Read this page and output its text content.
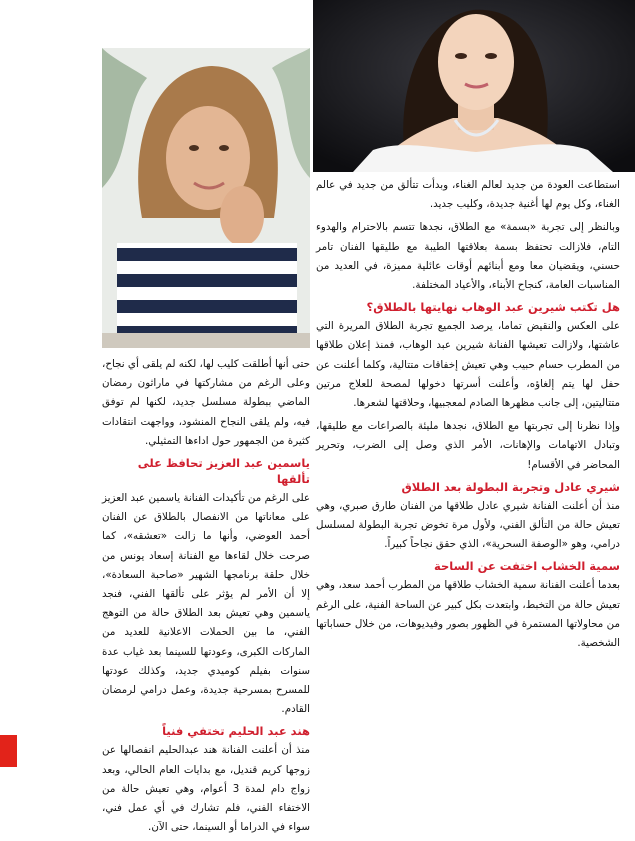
استطاعت العودة من جديد لعالم الغناء، وبدأت تتألق من جديد في عالم الغناء، وكل يوم لها أغنية جديدة، وكليب جديد.

وبالنظر إلى تجربة «بسمة» مع الطلاق، نجدها تتسم بالاحترام والهدوء التام، فلازالت تحتفظ بسمة بعلاقتها الطيبة مع طليقها الفنان تامر حسني، ويقضيان معا ومع أبنائهم أوقات عائلية مميزة، في العديد من المناسبات العامة، كنجاح الأبناء، والأعياد المختلفة.

هل تكتب شيرين عبد الوهاب نهايتها بالطلاق؟

على العكس والنقيض تماما، يرصد الجميع تجربة الطلاق المريرة التي عاشتها، ولازالت تعيشها الفنانة شيرين عبد الوهاب، فمنذ إعلان طلاقها من المطرب حسام حبيب وهي تعيش إخفاقات متتالية، وكلما أعلنت عن حفل لها يتم إلغاؤه، وأعلنت أسرتها دخولها لمصحة للعلاج مرتين متتاليتين، إلى جانب مظهرها الصادم لمعجبيها، وحلاقتها لشعرها.

وإذا نظرنا إلى تجربتها مع الطلاق، نجدها مليئة بالصراعات مع طليقها، وتبادل الاتهامات والإهانات، الأمر الذي وصل إلى الضرب، وتحرير المحاضر في الأقسام!

شيري عادل وتجربة البطولة بعد الطلاق

منذ أن أعلنت الفنانة شيري عادل طلاقها من الفنان طارق صبري، وهي تعيش حالة من التألق الفني، ولأول مرة تخوض تجربة البطولة لمسلسل درامي، وهو «الوصفة السحرية»، الذي حقق نجاحاً كبيراً.

سمية الخشاب اختفت عن الساحة

بعدما أعلنت الفنانة سمية الخشاب طلاقها من المطرب أحمد سعد، وهي تعيش حالة من التخبط، وابتعدت بكل كبير عن الساحة الفنية، على الرغم من محاولاتها المستمرة في الظهور بصور وفيديوهات، من خلال حساباتها الشخصية.

حتى أنها أطلقت كليب لها، لكنه لم يلقى أي نجاح، وعلى الرغم من مشاركتها في ماراثون رمضان الماضي ببطولة مسلسل جديد، لكنها لم توفق فيه، ولم يلقى النجاح المنشود، وواجهت انتقادات كثيرة من الجمهور حول اداءها التمثيلي.

ياسمين عبد العزيز تحافظ على تألقها

على الرغم من تأكيدات الفنانة ياسمين عبد العزيز على معاناتها من الانفصال بالطلاق عن الفنان أحمد العوضي، وأنها ما زالت «تعشقه»، كما صرحت خلال لقاءها مع الفنانة إسعاد يونس من خلال حلقة برنامجها الشهير «صاحبة السعادة»، إلا أن الأمر لم يؤثر على تألقها الفني، فنجد ياسمين وهي تعيش بعد الطلاق حالة من التوهج الفني، ما بين الحملات الاعلانية للعديد من الماركات الكبرى، وعودتها للسينما بعد غياب عدة سنوات بفيلم كوميدي جديد، وكذلك عودتها للمسرح بمسرحية جديدة، وعمل درامي لرمضان القادم.

هند عبد الحليم تختفي فنياً

منذ أن أعلنت الفنانة هند عبدالحليم انفصالها عن زوجها كريم قنديل، مع بدايات العام الحالي، وبعد زواج دام لمدة 3 أعوام، وهي تعيش حالة من الاختفاء الفني، فلم تشارك في أي عمل فني، سواء في الدراما أو السينما، حتى الآن.
